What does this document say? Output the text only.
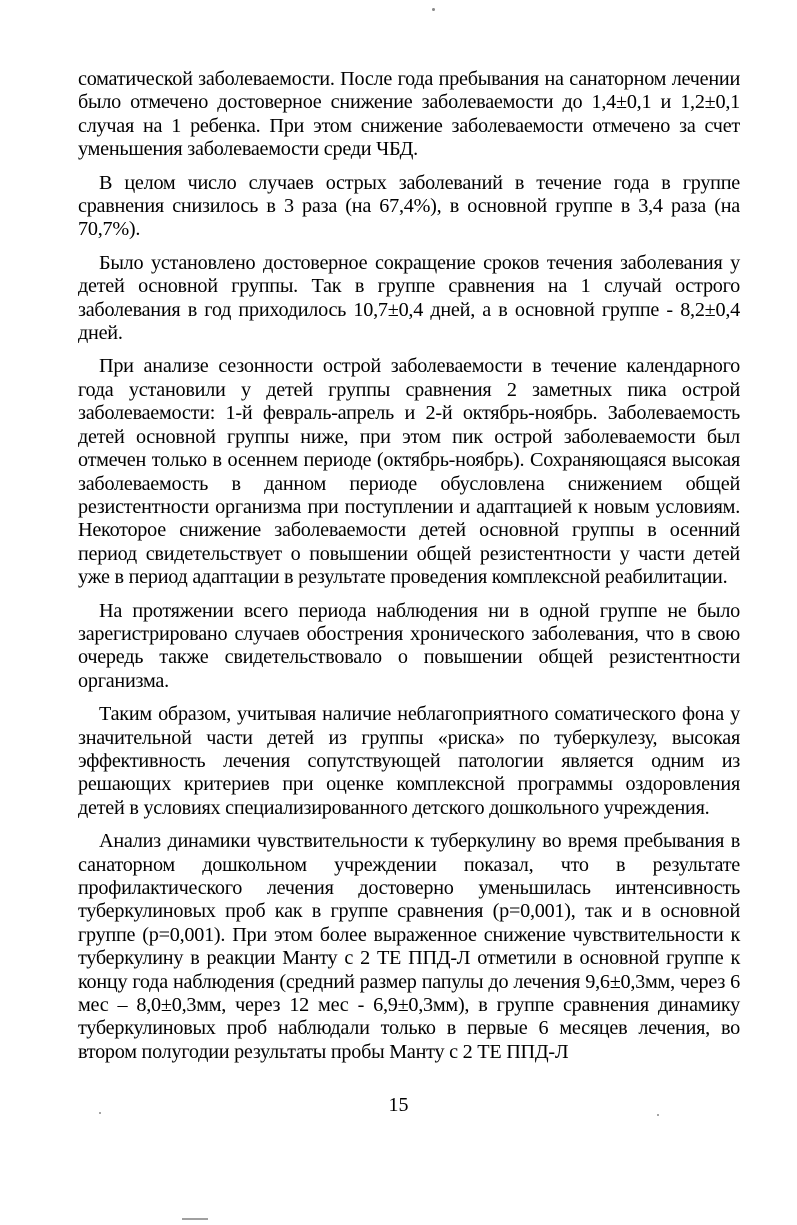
соматической заболеваемости. После года пребывания на санаторном лечении было отмечено достоверное снижение заболеваемости до 1,4±0,1 и 1,2±0,1 случая на 1 ребенка. При этом снижение заболеваемости отмечено за счет уменьшения заболеваемости среди ЧБД.

В целом число случаев острых заболеваний в течение года в группе сравнения снизилось в 3 раза (на 67,4%), в основной группе в 3,4 раза (на 70,7%).

Было установлено достоверное сокращение сроков течения заболевания у детей основной группы. Так в группе сравнения на 1 случай острого заболевания в год приходилось 10,7±0,4 дней, а в основной группе - 8,2±0,4 дней.

При анализе сезонности острой заболеваемости в течение календарного года установили у детей группы сравнения 2 заметных пика острой заболеваемости: 1-й февраль-апрель и 2-й октябрь-ноябрь. Заболеваемость детей основной группы ниже, при этом пик острой заболеваемости был отмечен только в осеннем периоде (октябрь-ноябрь). Сохраняющаяся высокая заболеваемость в данном периоде обусловлена снижением общей резистентности организма при поступлении и адаптацией к новым условиям. Некоторое снижение заболеваемости детей основной группы в осенний период свидетельствует о повышении общей резистентности у части детей уже в период адаптации в результате проведения комплексной реабилитации.

На протяжении всего периода наблюдения ни в одной группе не было зарегистрировано случаев обострения хронического заболевания, что в свою очередь также свидетельствовало о повышении общей резистентности организма.

Таким образом, учитывая наличие неблагоприятного соматического фона у значительной части детей из группы «риска» по туберкулезу, высокая эффективность лечения сопутствующей патологии является одним из решающих критериев при оценке комплексной программы оздоровления детей в условиях специализированного детского дошкольного учреждения.

Анализ динамики чувствительности к туберкулину во время пребывания в санаторном дошкольном учреждении показал, что в результате профилактического лечения достоверно уменьшилась интенсивность туберкулиновых проб как в группе сравнения (p=0,001), так и в основной группе (p=0,001). При этом более выраженное снижение чувствительности к туберкулину в реакции Манту с 2 ТЕ ППД-Л отметили в основной группе к концу года наблюдения (средний размер папулы до лечения 9,6±0,3мм, через 6 мес – 8,0±0,3мм, через 12 мес - 6,9±0,3мм), в группе сравнения динамику туберкулиновых проб наблюдали только в первые 6 месяцев лечения, во втором полугодии результаты пробы Манту с 2 ТЕ ППД-Л

15
